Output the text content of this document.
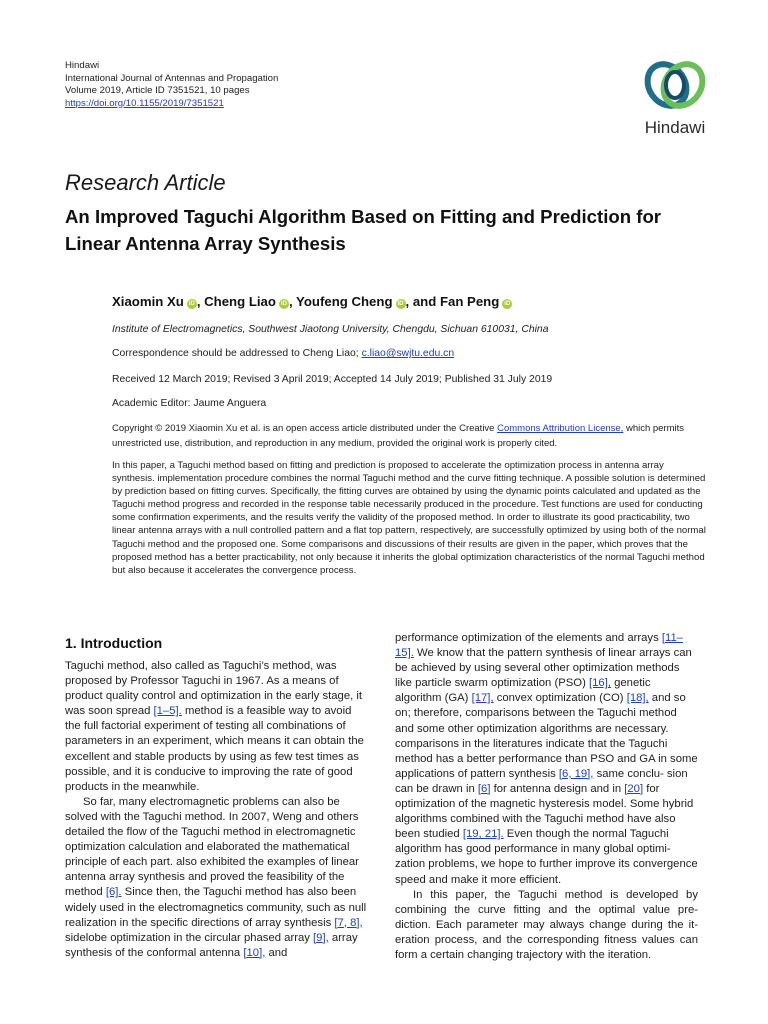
Hindawi
International Journal of Antennas and Propagation
Volume 2019, Article ID 7351521, 10 pages
https://doi.org/10.1155/2019/7351521
Hindawi
Research Article
An Improved Taguchi Algorithm Based on Fitting and Prediction for Linear Antenna Array Synthesis
Xiaomin Xu iD , Cheng Liao iD , Youfeng Cheng iD , and Fan Peng iD
Institute of Electromagnetics, Southwest Jiaotong University, Chengdu, Sichuan 610031, China
Correspondence should be addressed to Cheng Liao; c.liao@swjtu.edu.cn
Received 12 March 2019; Revised 3 April 2019; Accepted 14 July 2019; Published 31 July 2019
Academic Editor: Jaume Anguera
Copyright © 2019 Xiaomin Xu et al. is an open access article distributed under the Creative Commons Attribution License, which permits unrestricted use, distribution, and reproduction in any medium, provided the original work is properly cited.
In this paper, a Taguchi method based on fitting and prediction is proposed to accelerate the optimization process in antenna array synthesis. implementation procedure combines the normal Taguchi method and the curve fitting technique. A possible solution is determined by prediction based on fitting curves. Specifically, the fitting curves are obtained by using the dynamic points calculated and updated as the Taguchi method progress and recorded in the response table necessarily produced in the procedure. Test functions are used for conducting some confirmation experiments, and the results verify the validity of the proposed method. In order to illustrate its good practicability, two linear antenna arrays with a null controlled pattern and a flat top pattern, respectively, are successfully optimized by using both of the normal Taguchi method and the proposed one. Some comparisons and discussions of their results are given in the paper, which proves that the proposed method has a better practicability, not only because it inherits the global optimization characteristics of the normal Taguchi method but also because it accelerates the convergence process.
1. Introduction

Taguchi method, also called as Taguchi’s method, was proposed by Professor Taguchi in 1967. As a means of product quality control and optimization in the early stage, it was soon spread [1–5]. method is a feasible way to avoid the full factorial experiment of testing all combinations of parameters in an experiment, which means it can obtain the excellent and stable products by using as few test times as possible, and it is conducive to improving the rate of good products in the meanwhile.

So far, many electromagnetic problems can also be solved with the Taguchi method. In 2007, Weng and others detailed the flow of the Taguchi method in electromagnetic optimization calculation and elaborated the mathematical principle of each part. also exhibited the examples of linear antenna array synthesis and proved the feasibility of the method [6]. Since then, the Taguchi method has also been widely used in the electromagnetics community, such as null realization in the specific directions of array synthesis [7, 8], sidelobe optimization in the circular phased array [9], array synthesis of the conformal antenna [10], and

performance optimization of the elements and arrays [11–15]. We know that the pattern synthesis of linear arrays can be achieved by using several other optimization methods like particle swarm optimization (PSO) [16], genetic algorithm (GA) [17], convex optimization (CO) [18], and so on; therefore, comparisons between the Taguchi method and some other optimization algorithms are necessary. comparisons in the literatures indicate that the Taguchi method has a better performance than PSO and GA in some applications of pattern synthesis [6, 19], same conclu- sion can be drawn in [6] for antenna design and in [20] for optimization of the magnetic hysteresis model. Some hybrid algorithms combined with the Taguchi method have also been studied [19, 21]. Even though the normal Taguchi algorithm has good performance in many global optimi- zation problems, we hope to further improve its convergence speed and make it more efficient.

In this paper, the Taguchi method is developed by combining the curve fitting and the optimal value pre- diction. Each parameter may always change during the it-eration process, and the corresponding fitness values can form a certain changing trajectory with the iteration.
